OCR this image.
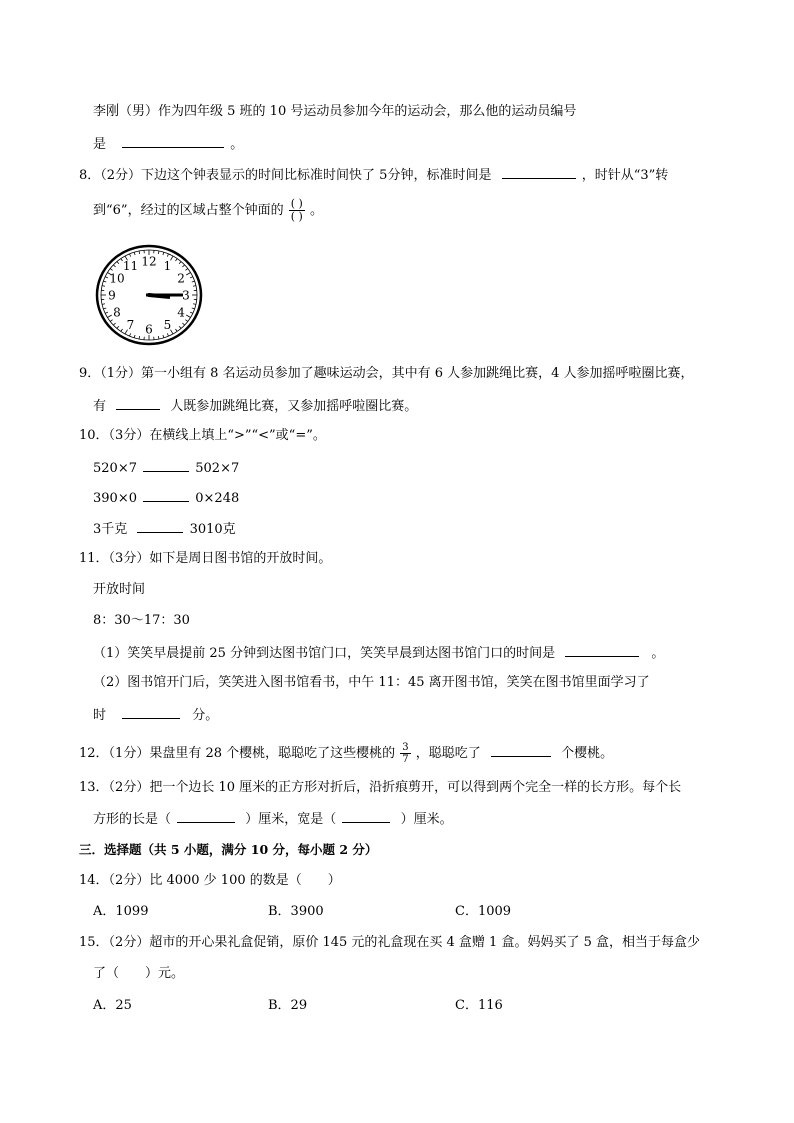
李刚（男）作为四年级 5 班的 10 号运动员参加今年的运动会，那么他的运动员编号
是	。
8．（2分）下边这个钟表显示的时间比标准时间快了 5分钟，标准时间是	，时针从“3”转
到“6”，经过的区域占整个钟面的 $\frac{( )}{( )}$ 。
12 1
2
3
4
5
6
7
8
9
10
11
9．（1分）第一小组有 8 名运动员参加了趣味运动会，其中有 6 人参加跳绳比赛，4 人参加摇呼啦圈比赛，
有	人既参加跳绳比赛，又参加摇呼啦圈比赛。
10．（3分）在横线上填上“>”“<”或“=”。
520×7	502×7
390×0	0×248
3千克	3010克
11．（3分）如下是周日图书馆的开放时间。
开放时间
8：30～17：30
（1）笑笑早晨提前 25 分钟到达图书馆门口，笑笑早晨到达图书馆门口的时间是	。
（2）图书馆开门后，笑笑进入图书馆看书，中午 11：45 离开图书馆，笑笑在图书馆里面学习了
时	分。
12．（1分）果盘里有 28 个樱桃，聪聪吃了这些樱桃的 $\frac{3}{7}$ ，聪聪吃了	个樱桃。
13．（2分）把一个边长 10 厘米的正方形对折后，沿折痕剪开，可以得到两个完全一样的长方形。每个长
方形的长是（	）厘米，宽是（	）厘米。
三．选择题（共 5 小题，满分 10 分，每小题 2 分）
14．（2分）比 4000 少 100 的数是（　　）
A．1099	B．3900	C．1009
15．（2分）超市的开心果礼盒促销，原价 145 元的礼盒现在买 4 盒赠 1 盒。妈妈买了 5 盒，相当于每盒少
了（　　）元。
A．25	B．29	C．116
